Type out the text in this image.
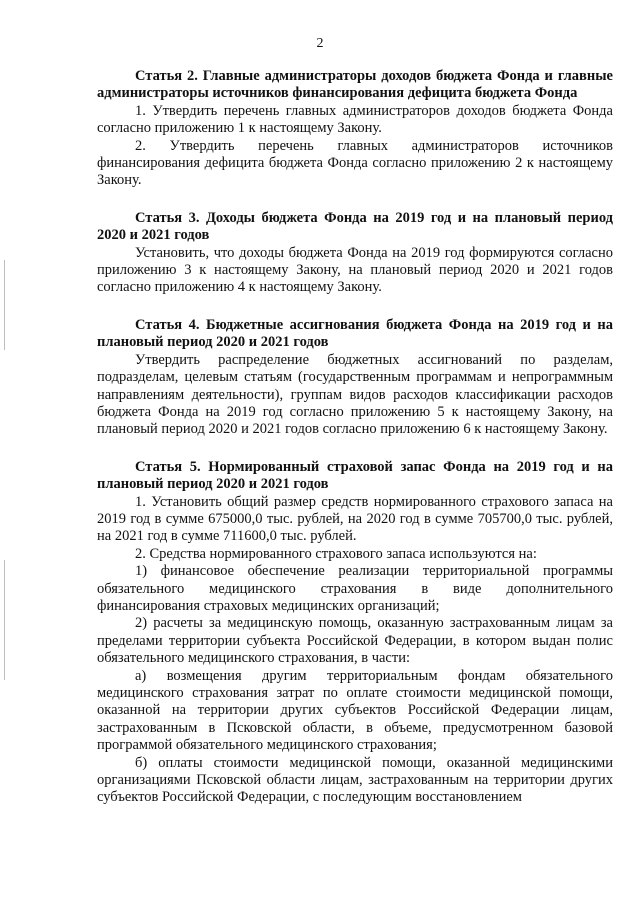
2

Статья 2. Главные администраторы доходов бюджета Фонда и главные администраторы источников финансирования дефицита бюджета Фонда

1. Утвердить перечень главных администраторов доходов бюджета Фонда согласно приложению 1 к настоящему Закону.

2. Утвердить перечень главных администраторов источников финансирования дефицита бюджета Фонда согласно приложению 2 к настоящему Закону.

Статья 3. Доходы бюджета Фонда на 2019 год и на плановый период 2020 и 2021 годов

Установить, что доходы бюджета Фонда на 2019 год формируются согласно приложению 3 к настоящему Закону, на плановый период 2020 и 2021 годов согласно приложению 4 к настоящему Закону.

Статья 4. Бюджетные ассигнования бюджета Фонда на 2019 год и на плановый период 2020 и 2021 годов

Утвердить распределение бюджетных ассигнований по разделам, подразделам, целевым статьям (государственным программам и непрограммным направлениям деятельности), группам видов расходов классификации расходов бюджета Фонда на 2019 год согласно приложению 5 к настоящему Закону, на плановый период 2020 и 2021 годов согласно приложению 6 к настоящему Закону.

Статья 5. Нормированный страховой запас Фонда на 2019 год и на плановый период 2020 и 2021 годов

1. Установить общий размер средств нормированного страхового запаса на 2019 год в сумме 675000,0 тыс. рублей, на 2020 год в сумме 705700,0 тыс. рублей, на 2021 год в сумме 711600,0 тыс. рублей.

2. Средства нормированного страхового запаса используются на:

1) финансовое обеспечение реализации территориальной программы обязательного медицинского страхования в виде дополнительного финансирования страховых медицинских организаций;

2) расчеты за медицинскую помощь, оказанную застрахованным лицам за пределами территории субъекта Российской Федерации, в котором выдан полис обязательного медицинского страхования, в части:

а) возмещения другим территориальным фондам обязательного медицинского страхования затрат по оплате стоимости медицинской помощи, оказанной на территории других субъектов Российской Федерации лицам, застрахованным в Псковской области, в объеме, предусмотренном базовой программой обязательного медицинского страхования;

б) оплаты стоимости медицинской помощи, оказанной медицинскими организациями Псковской области лицам, застрахованным на территории других субъектов Российской Федерации, с последующим восстановлением
